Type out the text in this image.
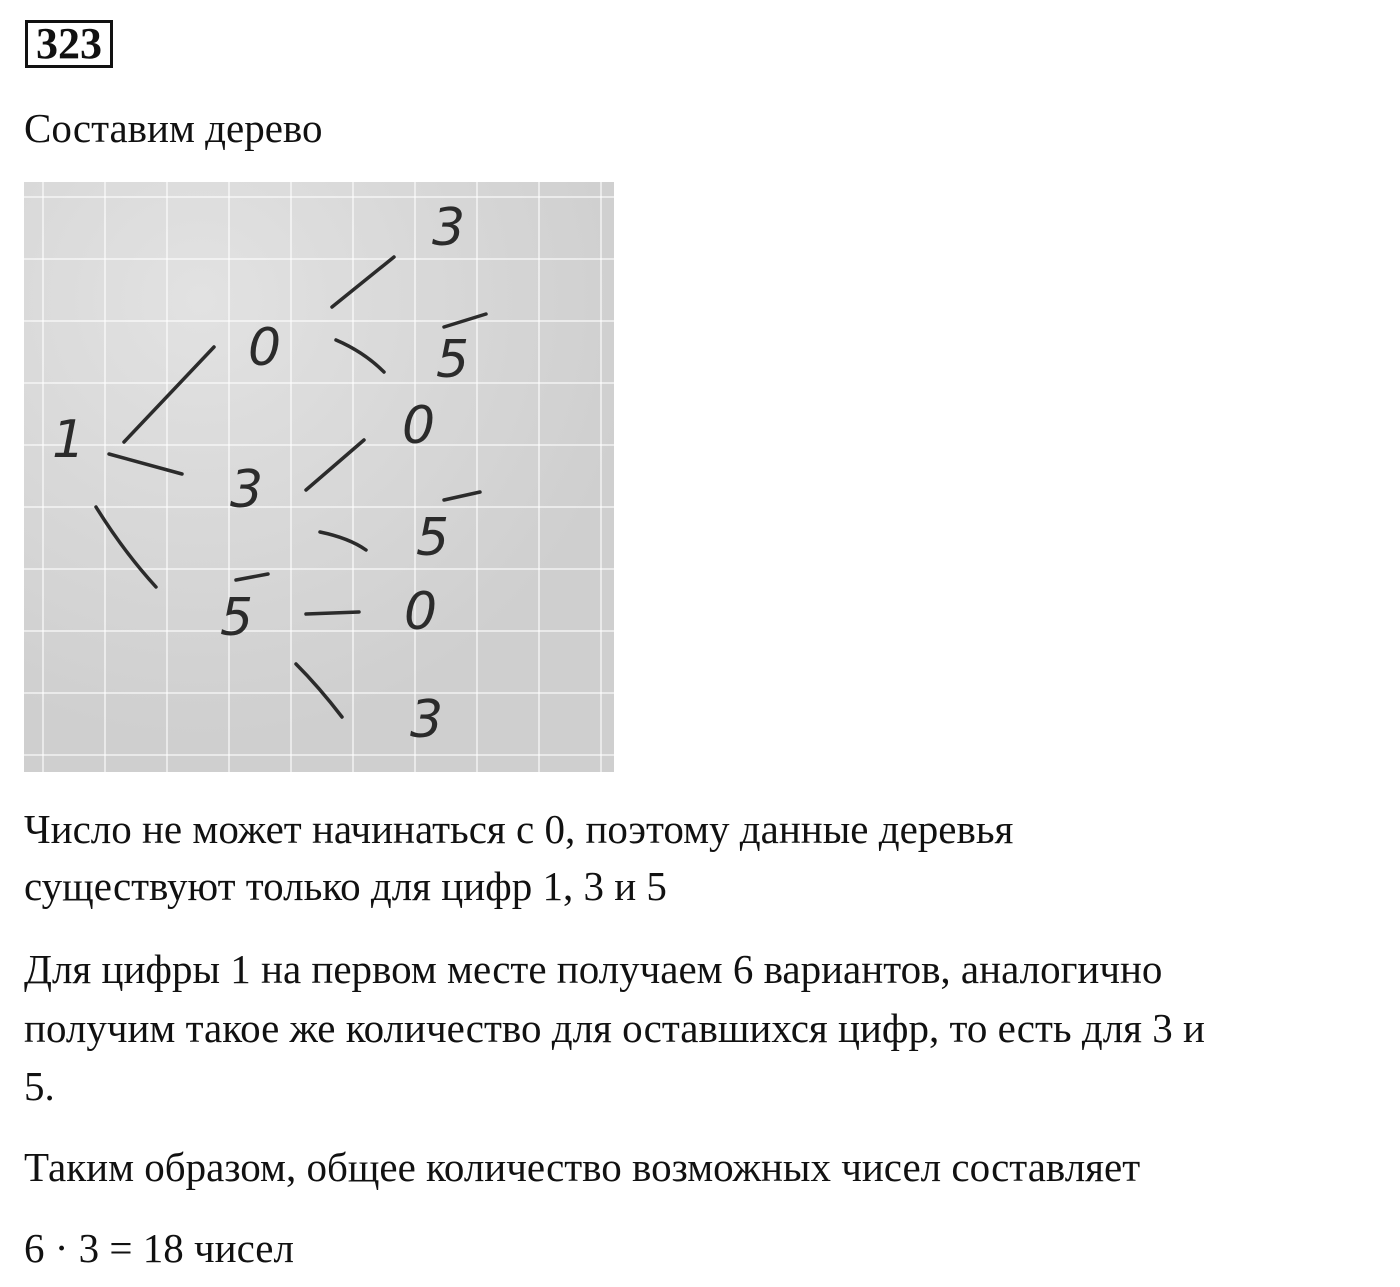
323
Составим дерево
1
0
3
5
3
5
0
5
0
3
Число не может начинаться с 0, поэтому данные деревья
существуют только для цифр 1, 3 и 5
Для цифры 1 на первом месте получаем 6 вариантов, аналогично
получим такое же количество для оставшихся цифр, то есть для 3 и
5.
Таким образом, общее количество возможных чисел составляет
6 · 3 = 18 чисел
